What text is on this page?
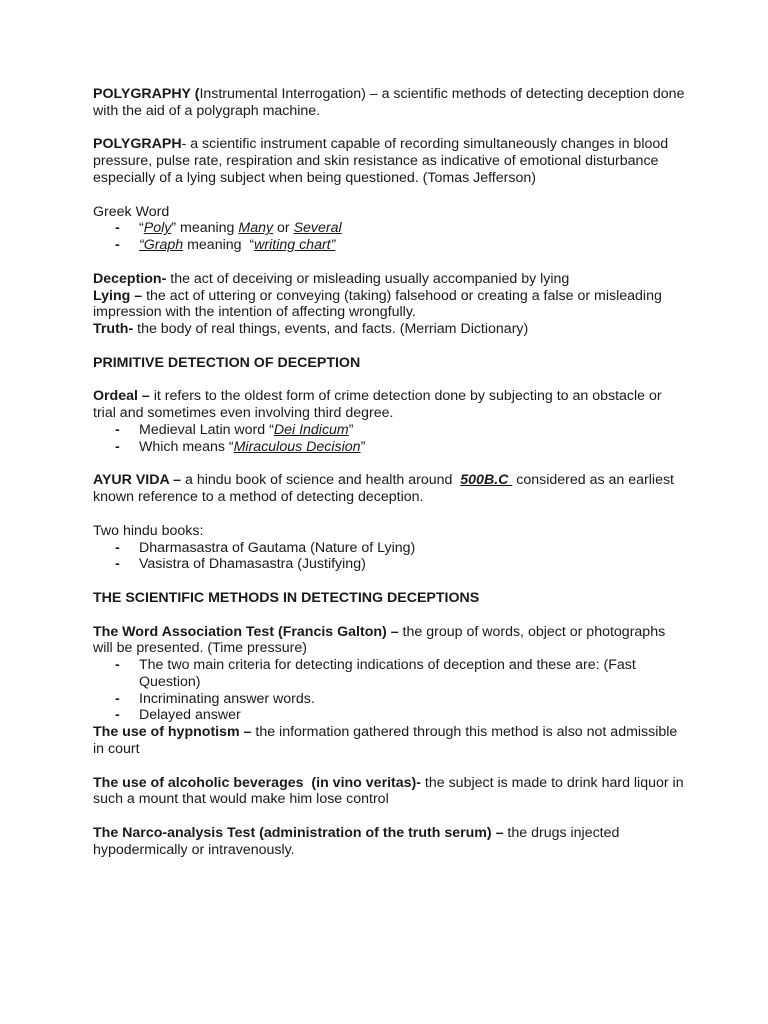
POLYGRAPHY (Instrumental Interrogation) – a scientific methods of detecting deception done with the aid of a polygraph machine.

POLYGRAPH- a scientific instrument capable of recording simultaneously changes in blood pressure, pulse rate, respiration and skin resistance as indicative of emotional disturbance especially of a lying subject when being questioned. (Tomas Jefferson)

Greek Word

- “Poly” meaning Many or Several
- “Graph meaning  “writing chart”

Deception- the act of deceiving or misleading usually accompanied by lying

Lying – the act of uttering or conveying (taking) falsehood or creating a false or misleading impression with the intention of affecting wrongfully.

Truth- the body of real things, events, and facts. (Merriam Dictionary)

PRIMITIVE DETECTION OF DECEPTION

Ordeal – it refers to the oldest form of crime detection done by subjecting to an obstacle or trial and sometimes even involving third degree.

- Medieval Latin word “Dei Indicum”
- Which means “Miraculous Decision”

AYUR VIDA – a hindu book of science and health around  500B.C  considered as an earliest known reference to a method of detecting deception.

Two hindu books:

- Dharmasastra of Gautama (Nature of Lying)
- Vasistra of Dhamasastra (Justifying)

THE SCIENTIFIC METHODS IN DETECTING DECEPTIONS

The Word Association Test (Francis Galton) – the group of words, object or photographs will be presented. (Time pressure)

- The two main criteria for detecting indications of deception and these are: (Fast Question)
- Incriminating answer words.
- Delayed answer

The use of hypnotism – the information gathered through this method is also not admissible in court

The use of alcoholic beverages  (in vino veritas)- the subject is made to drink hard liquor in such a mount that would make him lose control

The Narco-analysis Test (administration of the truth serum) – the drugs injected hypodermically or intravenously.
